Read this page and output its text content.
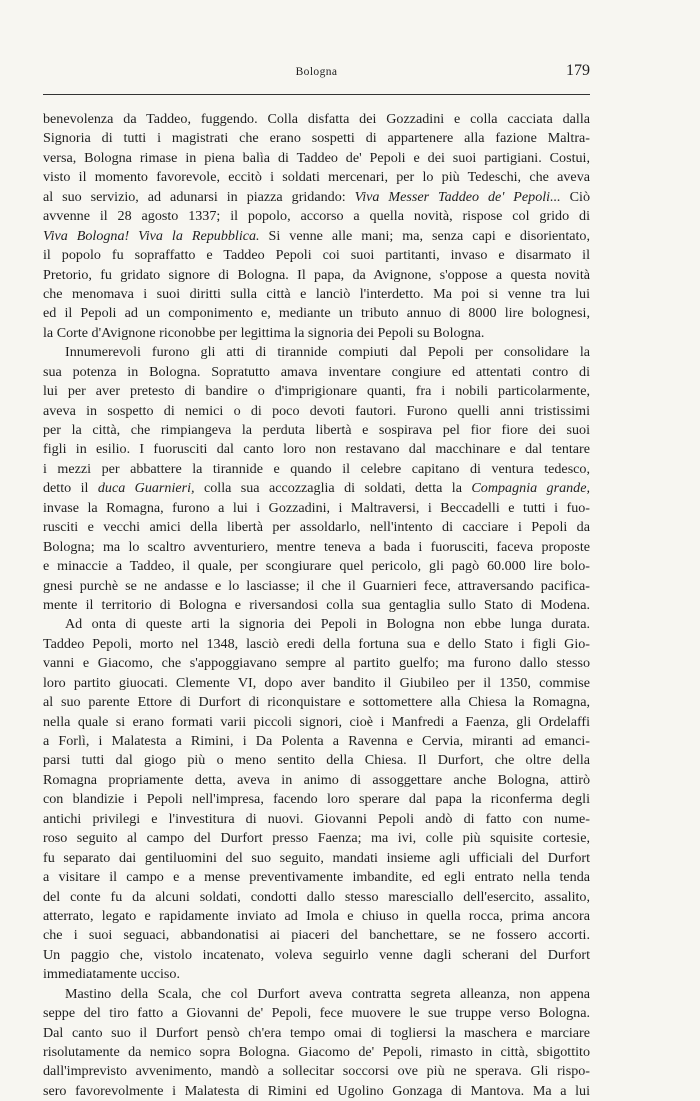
Bologna	179
benevolenza da Taddeo, fuggendo. Colla disfatta dei Gozzadini e colla cacciata dalla
Signoria di tutti i magistrati che erano sospetti di appartenere alla fazione Maltra-
versa, Bologna rimase in piena balìa di Taddeo de' Pepoli e dei suoi partigiani. Costui,
visto il momento favorevole, eccitò i soldati mercenari, per lo più Tedeschi, che aveva
al suo servizio, ad adunarsi in piazza gridando: Viva Messer Taddeo de' Pepoli... Ciò
avvenne il 28 agosto 1337; il popolo, accorso a quella novità, rispose col grido di
Viva Bologna! Viva la Repubblica. Si venne alle mani; ma, senza capi e disorientato,
il popolo fu sopraffatto e Taddeo Pepoli coi suoi partitanti, invaso e disarmato il
Pretorio, fu gridato signore di Bologna. Il papa, da Avignone, s'oppose a questa novità
che menomava i suoi diritti sulla città e lanciò l'interdetto. Ma poi si venne tra lui
ed il Pepoli ad un componimento e, mediante un tributo annuo di 8000 lire bolognesi,
la Corte d'Avignone riconobbe per legittima la signoria dei Pepoli su Bologna.
Innumerevoli furono gli atti di tirannide compiuti dal Pepoli per consolidare la
sua potenza in Bologna. Sopratutto amava inventare congiure ed attentati contro di
lui per aver pretesto di bandire o d'imprigionare quanti, fra i nobili particolarmente,
aveva in sospetto di nemici o di poco devoti fautori. Furono quelli anni tristissimi
per la città, che rimpiangeva la perduta libertà e sospirava pel fior fiore dei suoi
figli in esilio. I fuorusciti dal canto loro non restavano dal macchinare e dal tentare
i mezzi per abbattere la tirannide e quando il celebre capitano di ventura tedesco,
detto il duca Guarnieri, colla sua accozzaglia di soldati, detta la Compagnia grande,
invase la Romagna, furono a lui i Gozzadini, i Maltraversi, i Beccadelli e tutti i fuo-
rusciti e vecchi amici della libertà per assoldarlo, nell'intento di cacciare i Pepoli da
Bologna; ma lo scaltro avventuriero, mentre teneva a bada i fuorusciti, faceva proposte
e minaccie a Taddeo, il quale, per scongiurare quel pericolo, gli pagò 60.000 lire bolo-
gnesi purchè se ne andasse e lo lasciasse; il che il Guarnieri fece, attraversando pacifica-
mente il territorio di Bologna e riversandosi colla sua gentaglia sullo Stato di Modena.
Ad onta di queste arti la signoria dei Pepoli in Bologna non ebbe lunga durata.
Taddeo Pepoli, morto nel 1348, lasciò eredi della fortuna sua e dello Stato i figli Gio-
vanni e Giacomo, che s'appoggiavano sempre al partito guelfo; ma furono dallo stesso
loro partito giuocati. Clemente VI, dopo aver bandito il Giubileo per il 1350, commise
al suo parente Ettore di Durfort di riconquistare e sottomettere alla Chiesa la Romagna,
nella quale si erano formati varii piccoli signori, cioè i Manfredi a Faenza, gli Ordelaffi
a Forlì, i Malatesta a Rimini, i Da Polenta a Ravenna e Cervia, miranti ad emanci-
parsi tutti dal giogo più o meno sentito della Chiesa. Il Durfort, che oltre della
Romagna propriamente detta, aveva in animo di assoggettare anche Bologna, attirò
con blandizie i Pepoli nell'impresa, facendo loro sperare dal papa la riconferma degli
antichi privilegi e l'investitura di nuovi. Giovanni Pepoli andò di fatto con nume-
roso seguito al campo del Durfort presso Faenza; ma ivi, colle più squisite cortesie,
fu separato dai gentiluomini del suo seguito, mandati insieme agli ufficiali del Durfort
a visitare il campo e a mense preventivamente imbandite, ed egli entrato nella tenda
del conte fu da alcuni soldati, condotti dallo stesso maresciallo dell'esercito, assalito,
atterrato, legato e rapidamente inviato ad Imola e chiuso in quella rocca, prima ancora
che i suoi seguaci, abbandonatisi ai piaceri del banchettare, se ne fossero accorti.
Un paggio che, vistolo incatenato, voleva seguirlo venne dagli scherani del Durfort
immediatamente ucciso.
Mastino della Scala, che col Durfort aveva contratta segreta alleanza, non appena
seppe del tiro fatto a Giovanni de' Pepoli, fece muovere le sue truppe verso Bologna.
Dal canto suo il Durfort pensò ch'era tempo omai di togliersi la maschera e marciare
risolutamente da nemico sopra Bologna. Giacomo de' Pepoli, rimasto in città, sbigottito
dall'imprevisto avvenimento, mandò a sollecitar soccorsi ove più ne sperava. Gli rispo-
sero favorevolmente i Malatesta di Rimini ed Ugolino Gonzaga di Mantova. Ma a lui
